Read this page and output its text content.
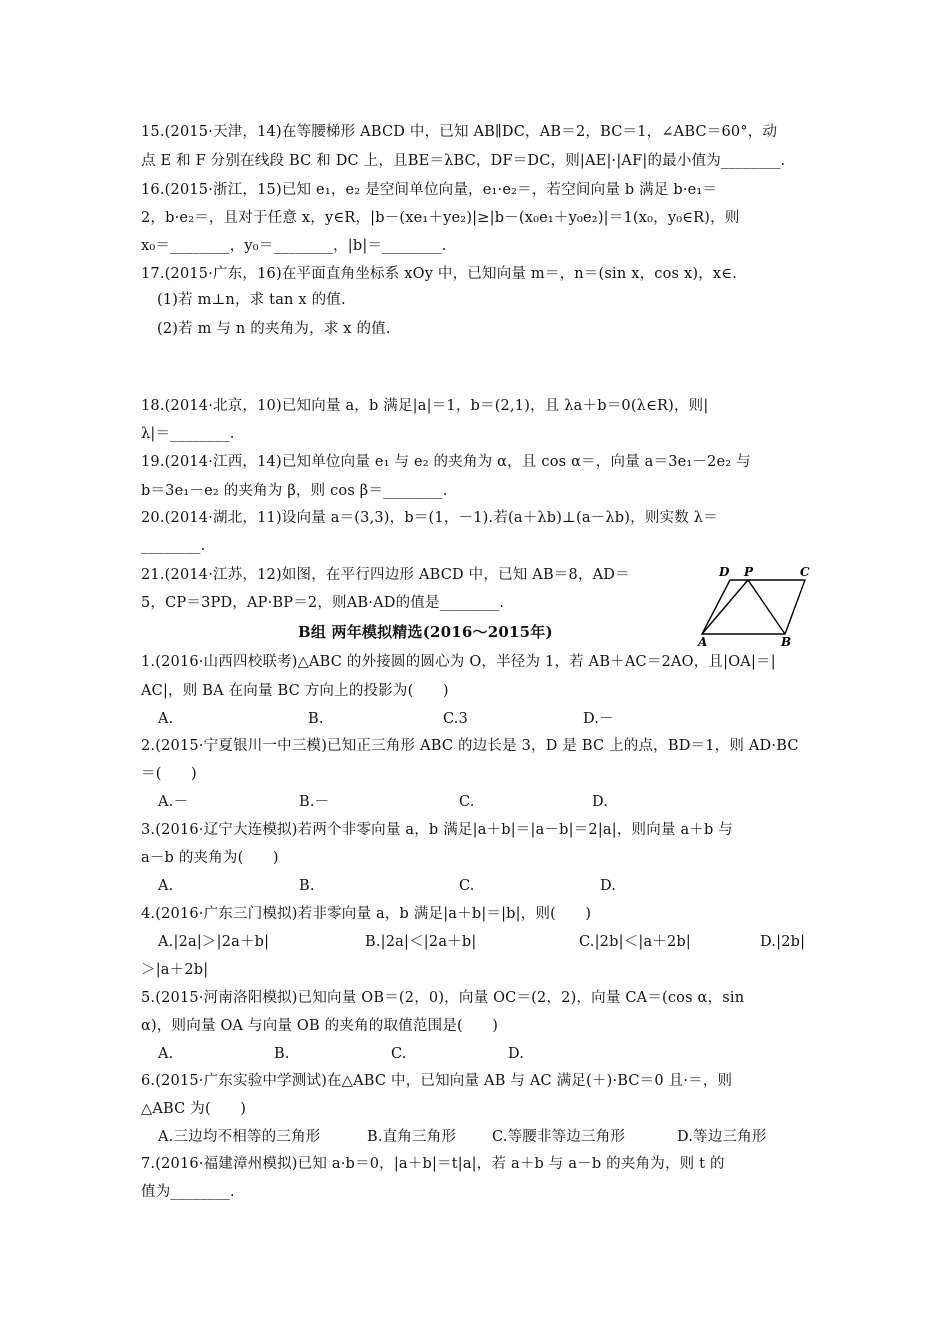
15.(2015·天津，14)在等腰梯形 ABCD 中，已知 AB∥DC，AB＝2，BC＝1，∠ABC＝60°，动
点 E 和 F 分别在线段 BC 和 DC 上，且BE＝λBC，DF＝DC，则|AE|·|AF|的最小值为________.
16.(2015·浙江，15)已知 e₁，e₂ 是空间单位向量，e₁·e₂＝，若空间向量 b 满足 b·e₁＝
2，b·e₂＝，且对于任意 x，y∈R，|b－(xe₁＋ye₂)|≥|b－(x₀e₁＋y₀e₂)|＝1(x₀，y₀∈R)，则
x₀＝________，y₀＝________，|b|＝________.
17.(2015·广东，16)在平面直角坐标系 xOy 中，已知向量 m＝，n＝(sin x，cos x)，x∈.
(1)若 m⊥n，求 tan x 的值.
(2)若 m 与 n 的夹角为，求 x 的值.
18.(2014·北京，10)已知向量 a，b 满足|a|＝1，b＝(2,1)，且 λa＋b＝0(λ∈R)，则|
λ|＝________.
19.(2014·江西，14)已知单位向量 e₁ 与 e₂ 的夹角为 α，且 cos α＝，向量 a＝3e₁－2e₂ 与
b＝3e₁－e₂ 的夹角为 β，则 cos β＝________.
20.(2014·湖北，11)设向量 a＝(3,3)，b＝(1，－1).若(a＋λb)⊥(a－λb)，则实数 λ＝
________.
21.(2014·江苏，12)如图，在平行四边形 ABCD 中，已知 AB＝8，AD＝
5，CP＝3PD，AP·BP＝2，则AB·AD的值是________.
D P	C
A	B
B组 两年模拟精选(2016～2015年)
1.(2016·山西四校联考)△ABC 的外接圆的圆心为 O，半径为 1，若 AB＋AC＝2AO，且|OA|＝|
AC|，则 BA 在向量 BC 方向上的投影为(　　)
A.	B.	C.3	D.－
2.(2015·宁夏银川一中三模)已知正三角形 ABC 的边长是 3，D 是 BC 上的点，BD＝1，则 AD·BC
＝(　　)
A.－	B.－	C.	D.
3.(2016·辽宁大连模拟)若两个非零向量 a，b 满足|a＋b|＝|a－b|＝2|a|，则向量 a＋b 与
a－b 的夹角为(　　)
A.	B.	C.	D.
4.(2016·广东三门模拟)若非零向量 a，b 满足|a＋b|＝|b|，则(　　)
A.|2a|＞|2a＋b|	B.|2a|＜|2a＋b|	C.|2b|＜|a＋2b|	D.|2b|
＞|a＋2b|
5.(2015·河南洛阳模拟)已知向量 OB＝(2，0)，向量 OC＝(2，2)，向量 CA＝(cos α，sin
α)，则向量 OA 与向量 OB 的夹角的取值范围是(　　)
A.	B.	C.	D.
6.(2015·广东实验中学测试)在△ABC 中，已知向量 AB 与 AC 满足(＋)·BC＝0 且·＝，则
△ABC 为(　　)
A.三边均不相等的三角形	B.直角三角形 C.等腰非等边三角形	D.等边三角形
7.(2016·福建漳州模拟)已知 a·b＝0，|a＋b|＝t|a|，若 a＋b 与 a－b 的夹角为，则 t 的
值为________.
